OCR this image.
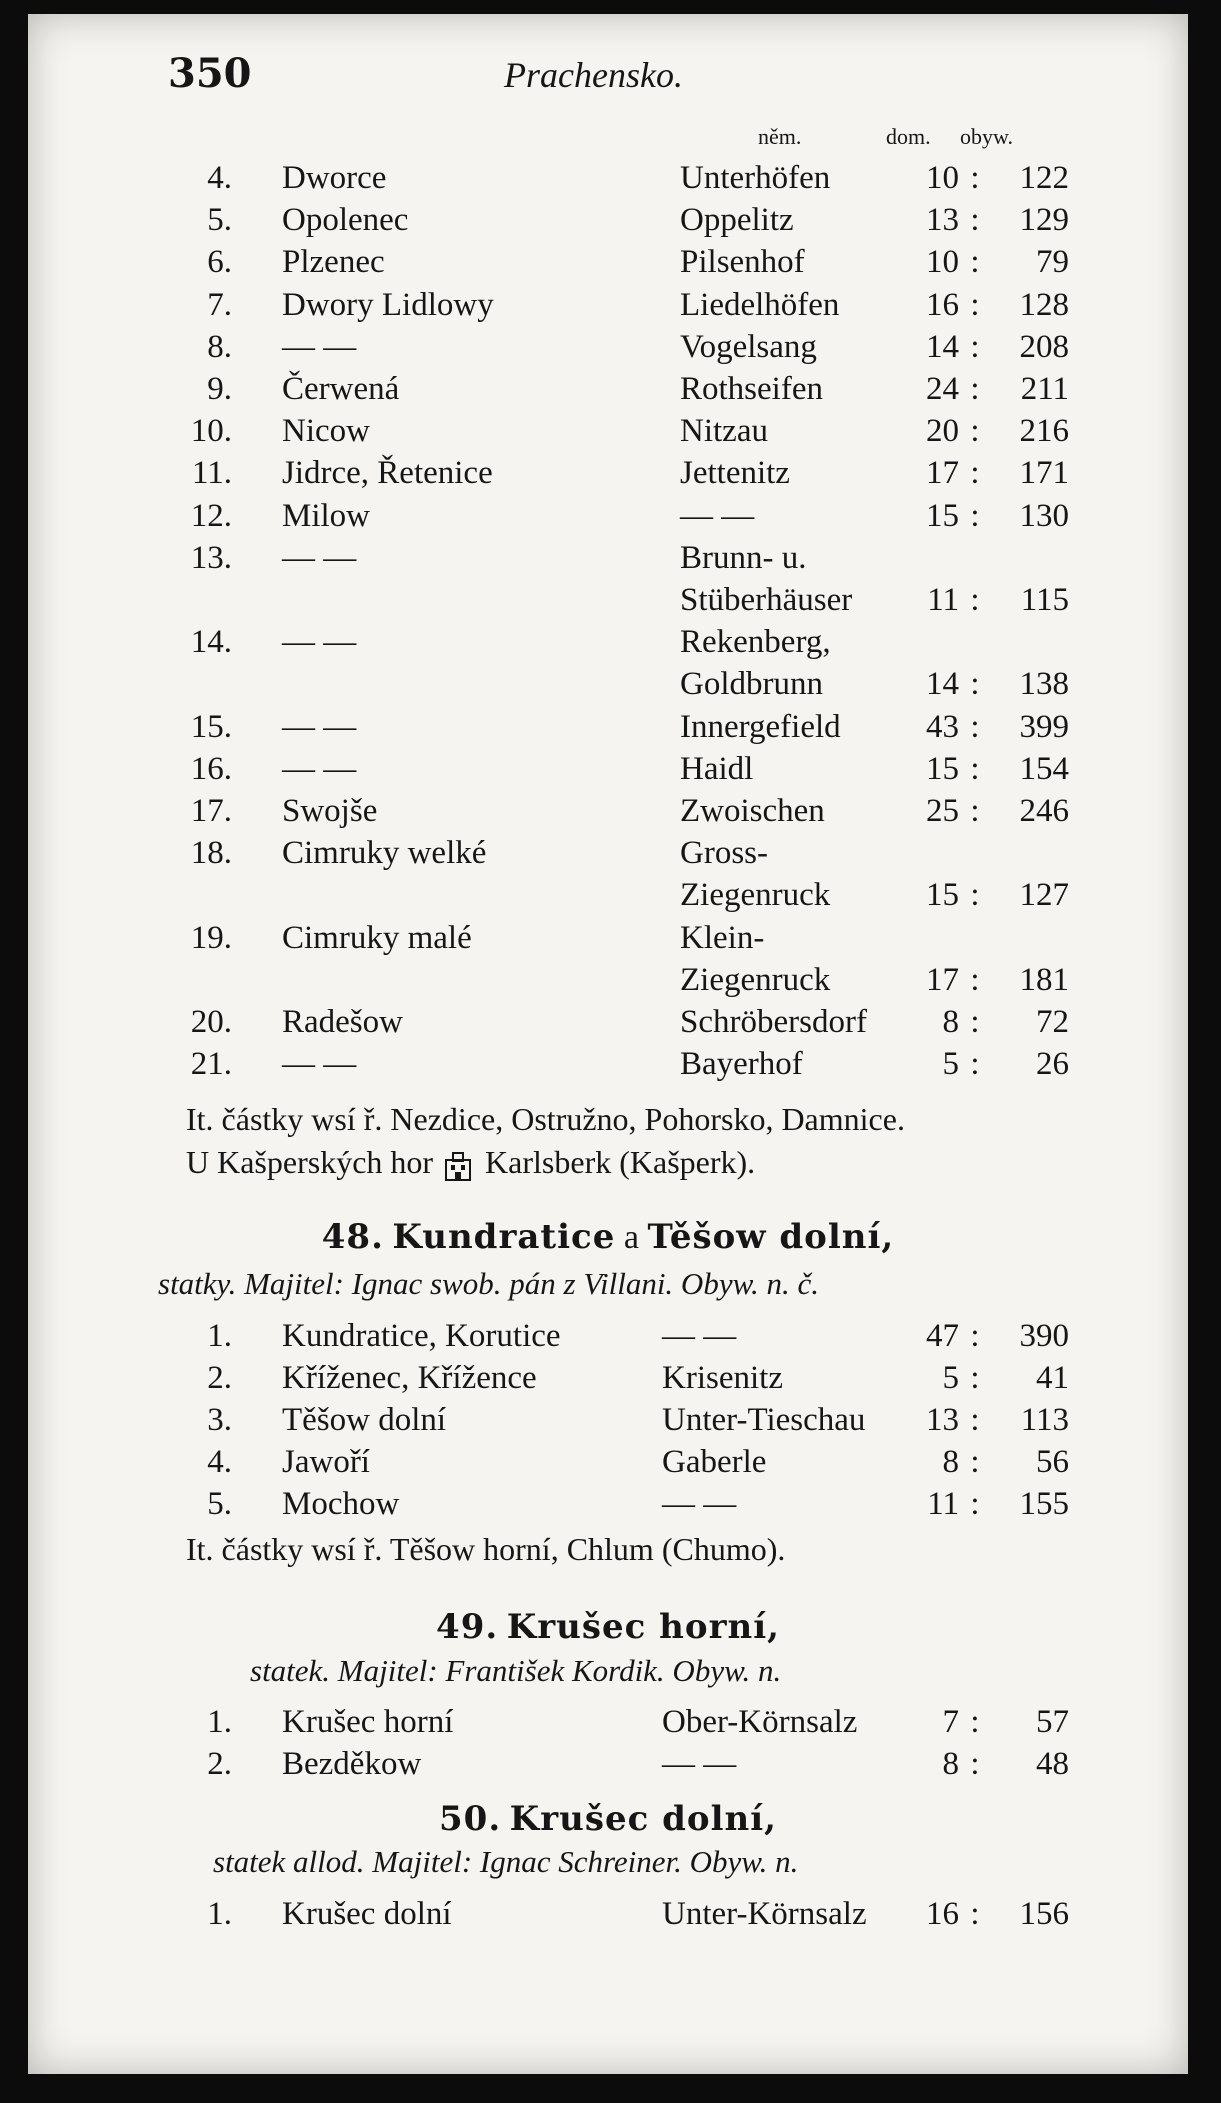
350	Prachensko.
něm.	dom. obyw.
4. Dworce	Unterhöfen	10 :	122
5. Opolenec	Oppelitz	13 :	129
6. Plzenec	Pilsenhof	10 :	79
7. Dwory Lidlowy	Liedelhöfen	16 :	128
8. — —	Vogelsang	14 :	208
9. Čerwená	Rothseifen	24 :	211
10. Nicow	Nitzau	20 :	216
11. Jidrce, Řetenice	Jettenitz	17 :	171
12. Milow	— —	15 :	130
13. — —	Brunn- u.
Stüberhäuser	11 :	115
14. — —	Rekenberg,
Goldbrunn	14 :	138
15. — —	Innergefield	43 :	399
16. — —	Haidl	15 :	154
17. Swojše	Zwoischen	25 :	246
18. Cimruky welké	Gross-
Ziegenruck	15 :	127
19. Cimruky malé	Klein-
Ziegenruck	17 :	181
20. Radešow	Schröbersdorf	8 :	72
21. — —	Bayerhof	5 :	26
It. částky wsí ř. Nezdice, Ostružno, Pohorsko, Damnice.
U Kašperských hor Karlsberk (Kašperk).
48. Kundratice a Těšow dolní,
statky. Majitel: Ignac swob. pán z Villani. Obyw. n. č.
1. Kundratice, Korutice	— —	47 :	390
2. Kříženec, Křížence	Krisenitz	5 :	41
3. Těšow dolní	Unter-Tieschau	13 :	113
4. Jawoří	Gaberle	8 :	56
5. Mochow	— —	11 :	155
It. částky wsí ř. Těšow horní, Chlum (Chumo).
49. Krušec horní,
statek. Majitel: František Kordik. Obyw. n.
1. Krušec horní	Ober-Körnsalz	7 :	57
2. Bezděkow	— —	8 :	48
50. Krušec dolní,
statek allod. Majitel: Ignac Schreiner. Obyw. n.
1. Krušec dolní	Unter-Körnsalz	16 :	156
